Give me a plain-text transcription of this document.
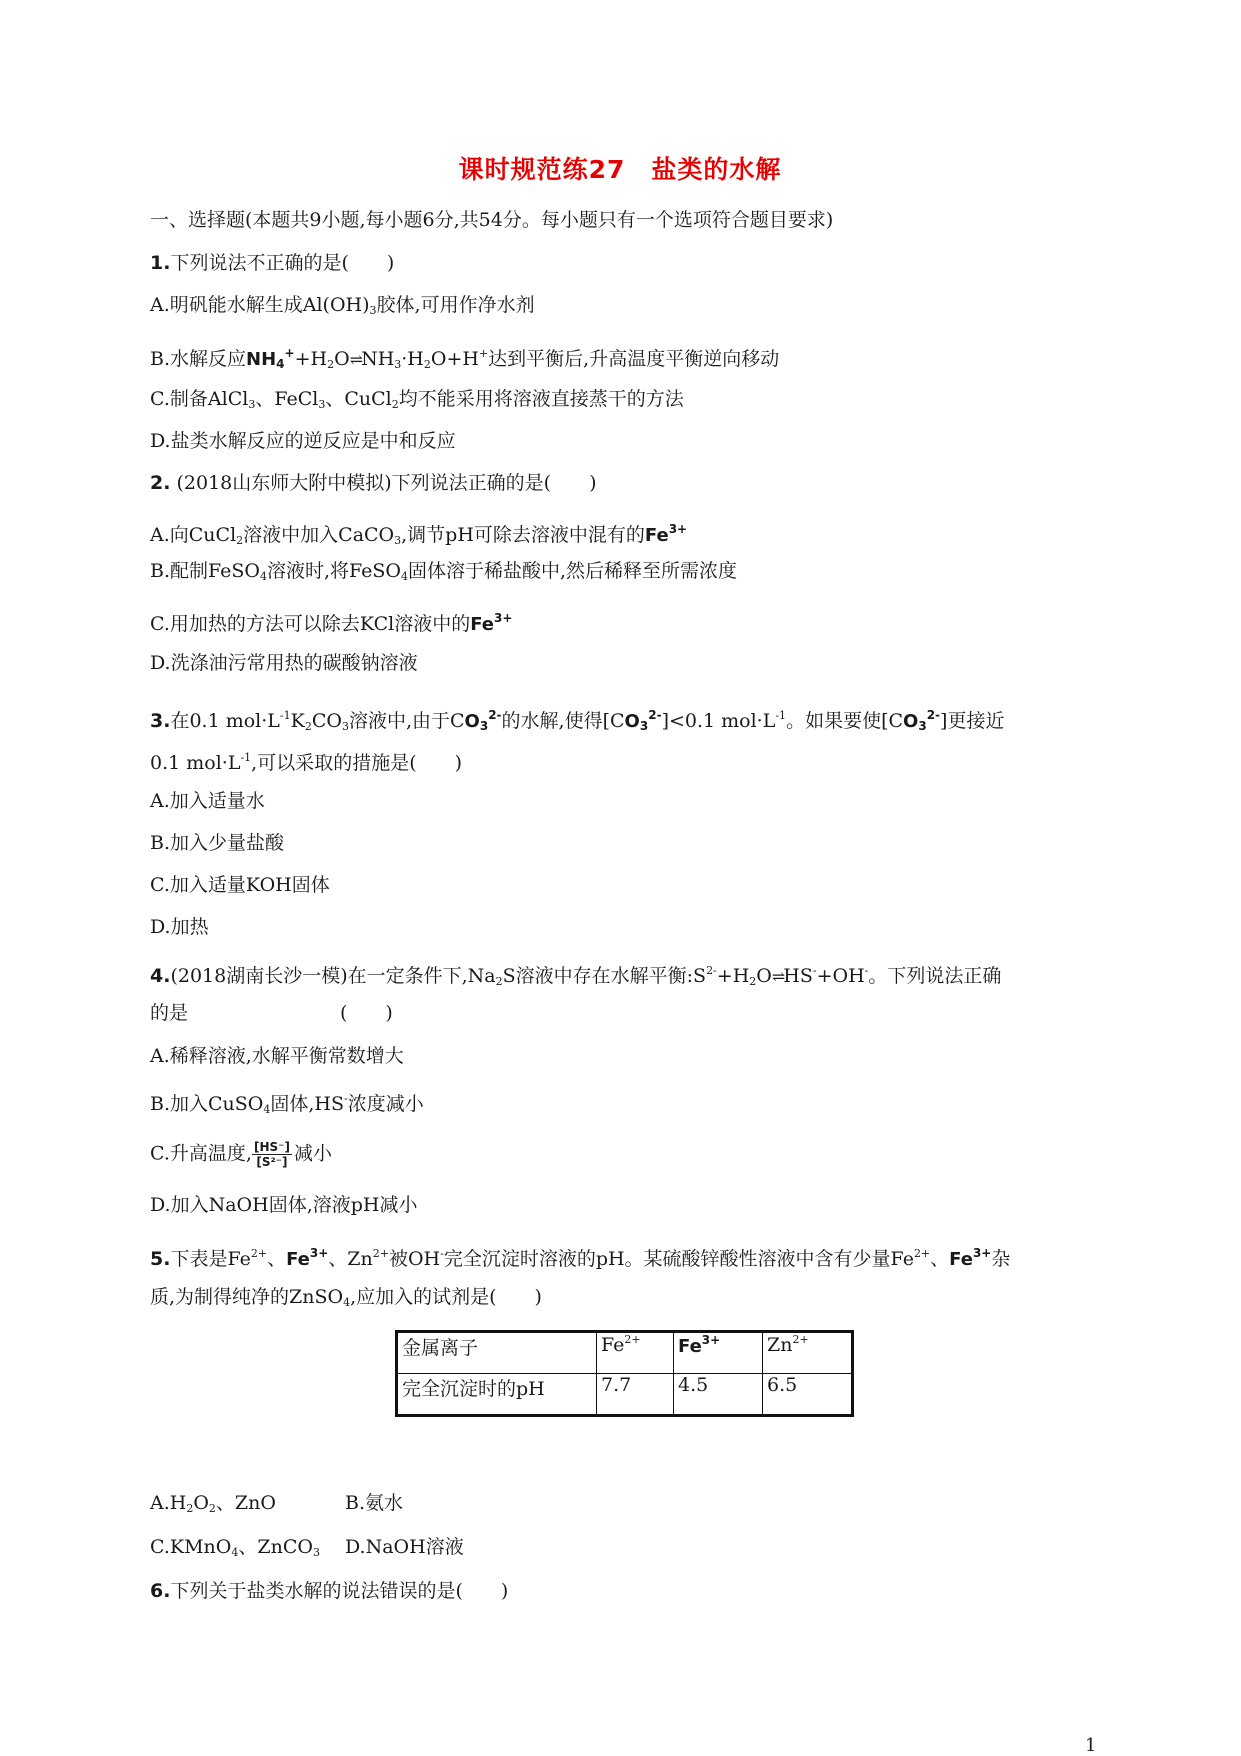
课时规范练27　盐类的水解
一、选择题(本题共9小题,每小题6分,共54分。每小题只有一个选项符合题目要求)
1.下列说法不正确的是(　　)
A.明矾能水解生成$Al(OH)_3$胶体,可用作净水剂
B.水解反应$NH_4^++H_2O\rightleftharpoons NH_3\cdot H_2O+H^+$达到平衡后,升高温度平衡逆向移动
C.制备AlCl$_3$、FeCl$_3$、CuCl$_2$均不能采用将溶液直接蒸干的方法
D.盐类水解反应的逆反应是中和反应
2. (2018山东师大附中模拟)下列说法正确的是(　　)
A.向CuCl$_2$溶液中加入CaCO$_3$,调节pH可除去溶液中混有的$Fe^{3+}$
B.配制FeSO$_4$溶液时,将FeSO$_4$固体溶于稀盐酸中,然后稀释至所需浓度
C.用加热的方法可以除去KCl溶液中的$Fe^{3+}$
D.洗涤油污常用热的碳酸钠溶液
3.在0.1 $mol\cdot L^{-1}K_2CO_3$溶液中,由于$CO_3^{2-}$的水解,使得$[CO_3^{2-}]<0.1$ $mol\cdot L^{-1}$。如果要使$[CO_3^{2-}]$更接近
0.1 $mol\cdot L^{-1}$,可以采取的措施是(　　)
A.加入适量水
B.加入少量盐酸
C.加入适量KOH固体
D.加热
4.(2018湖南长沙一模)在一定条件下$,Na_2S$溶液中存在水解平衡$:S^{2-}+H_2O\rightleftharpoons HS^-+OH^-$。下列说法正确
的是　　　　　　　　(　　)
A.稀释溶液,水解平衡常数增大
B.加入CuSO$_4$固体,HS-浓度减小
C.升高温度, $\frac{[HS^-]}{\text{[S²⁻]}}$ 减小
D.加入NaOH固体,溶液pH减小
5.下表是$Fe^{2+}$、$Fe^{3+}$、$Zn^{2+}$被OH-完全沉淀时溶液的pH。某硫酸锌酸性溶液中含有少量$Fe^{2+}$、$Fe^{3+}$杂
质,为制得纯净的ZnSO$_4$,应加入的试剂是(　　)
金属离子	$Fe^{2+}$	$Fe^{3+}$	$Zn^{2+}$
完全沉淀时的pH	7.7	4.5	6.5
$A.H_2O_2$、ZnO	B.氨水
C.KMnO$_4$、ZnCO$_3$ D.NaOH溶液
6.下列关于盐类水解的说法错误的是(　　)
1
